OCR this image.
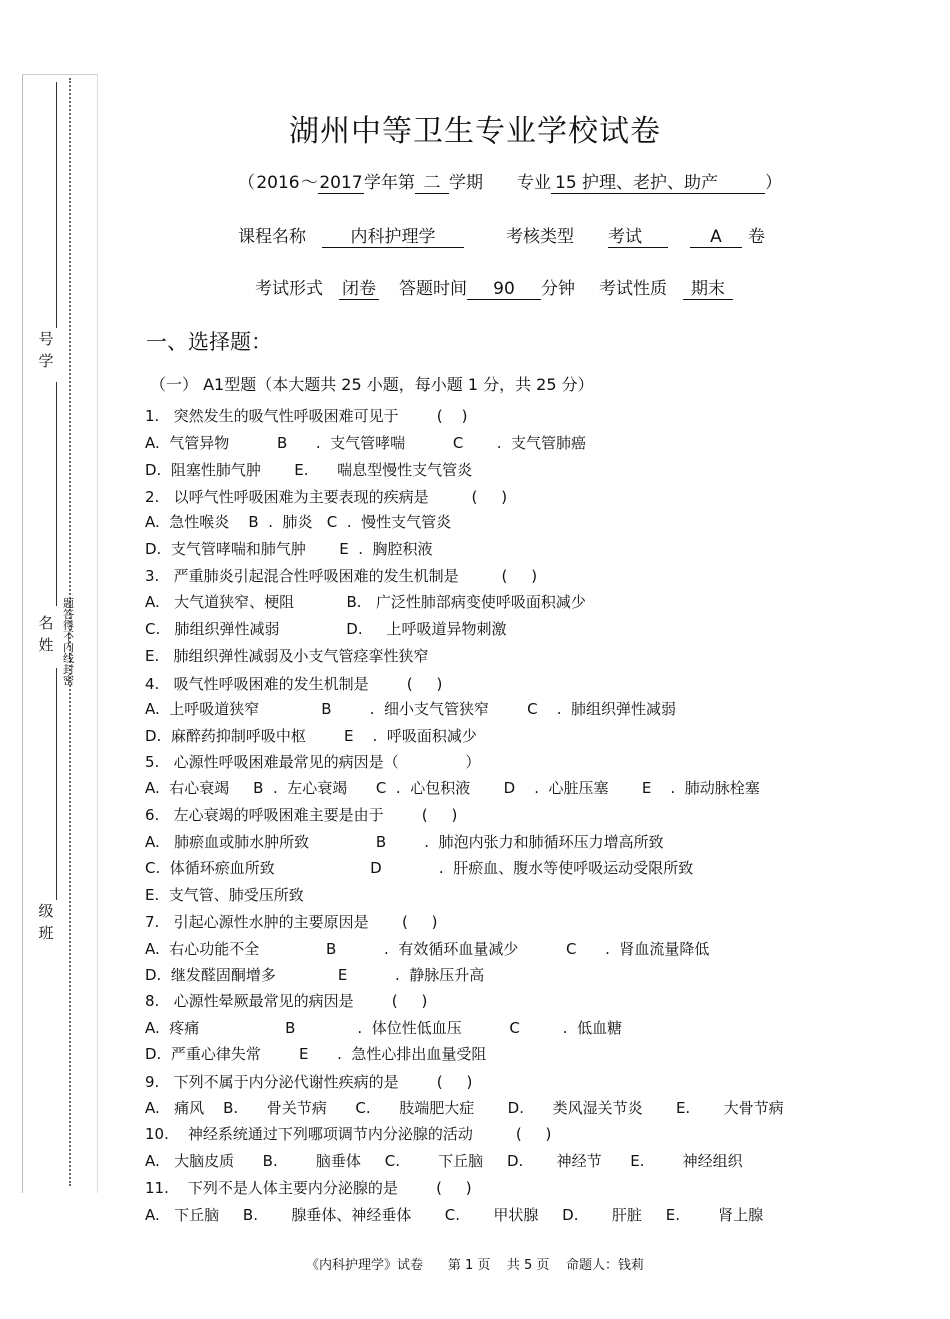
号学
名姓
级班
题答得不内线封密
湖州中等卫生专业学校试卷
（2016～2017学年第 二 学期 专业 15 护理、老护、助产	）
课程名称	内科护理学	考核类型 考试	A 卷
考试形式 闭卷 答题时间 90 分钟 考试性质 期末
一、选择题：
（一） A1型题（本大题共 25 小题，每小题 1 分，共 25 分）
1.   突然发生的吸气性呼吸困难可见于        (    )
A.  气管异物          B      .  支气管哮喘          C       .  支气管肺癌
D.  阻塞性肺气肿       E.      喘息型慢性支气管炎
2.   以呼气性呼吸困难为主要表现的疾病是         (     )
A.  急性喉炎    B  .  肺炎   C  .  慢性支气管炎
D.  支气管哮喘和肺气肿       E  .  胸腔积液
3.   严重肺炎引起混合性呼吸困难的发生机制是         (     )
A.   大气道狭窄、梗阻           B.   广泛性肺部病变使呼吸面积减少
C.   肺组织弹性减弱              D.     上呼吸道异物刺激
E.   肺组织弹性减弱及小支气管痉挛性狭窄
4.   吸气性呼吸困难的发生机制是        (     )
A.  上呼吸道狭窄             B        .  细小支气管狭窄        C    .  肺组织弹性减弱
D.  麻醉药抑制呼吸中枢        E    .  呼吸面积减少
5.   心源性呼吸困难最常见的病因是（              ）
A.  右心衰竭     B  .  左心衰竭      C  .  心包积液       D    .  心脏压塞       E    .  肺动脉栓塞
6.   左心衰竭的呼吸困难主要是由于        (     )
A.   肺瘀血或肺水肿所致              B        .  肺泡内张力和肺循环压力增高所致
C.  体循环瘀血所致                    D            .  肝瘀血、腹水等使呼吸运动受限所致
E.  支气管、肺受压所致
7.   引起心源性水肿的主要原因是       (     )
A.  右心功能不全              B          .  有效循环血量减少          C      .  肾血流量降低
D.  继发醛固酮增多             E          .  静脉压升高
8.   心源性晕厥最常见的病因是        (     )
A.  疼痛                  B             .  体位性低血压          C         .  低血糖
D.  严重心律失常        E      .  急性心排出血量受阻
9.   下列不属于内分泌代谢性疾病的是        (     )
A.   痛风    B.      骨关节病      C.      肢端肥大症       D.      类风湿关节炎       E.       大骨节病
10.    神经系统通过下列哪项调节内分泌腺的活动         (     )
A.   大脑皮质      B.        脑垂体     C.        下丘脑     D.       神经节      E.        神经组织
11.    下列不是人体主要内分泌腺的是        (     )
A.   下丘脑     B.       腺垂体、神经垂体       C.       甲状腺     D.       肝脏     E.        肾上腺
《内科护理学》试卷      第 1 页    共 5 页    命题人：钱莉
